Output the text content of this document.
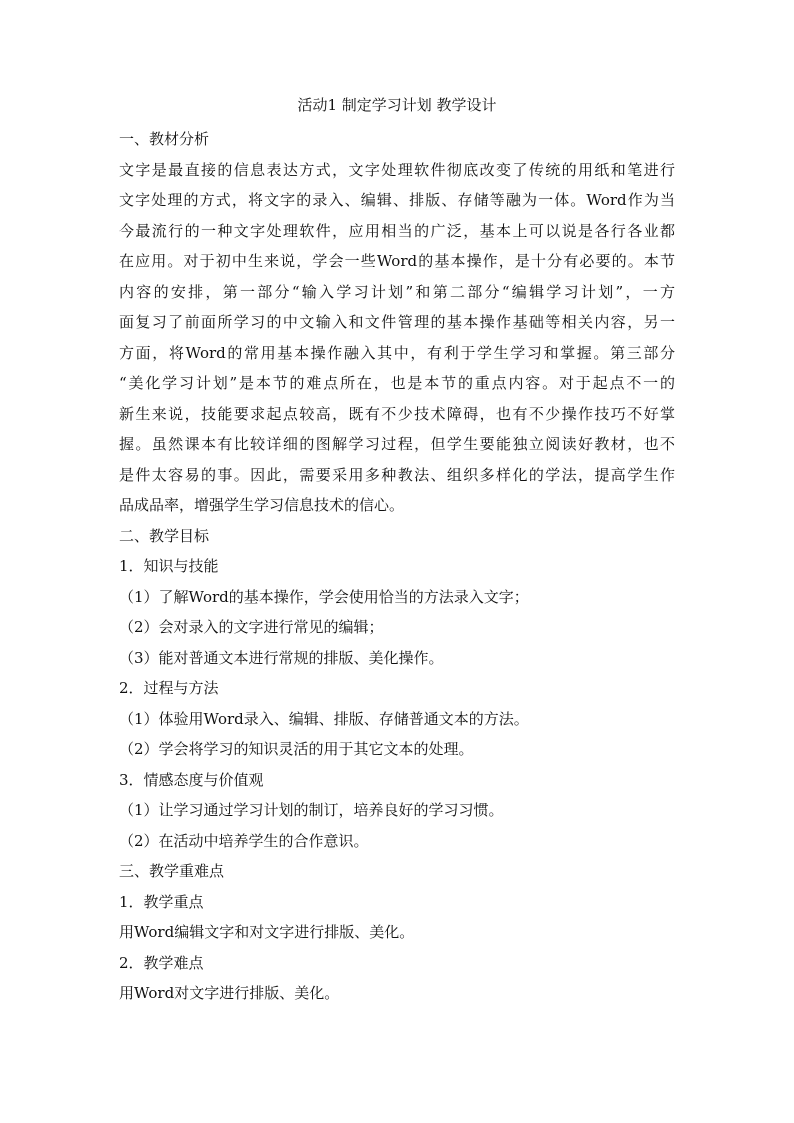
活动1 制定学习计划 教学设计
一、教材分析
文字是最直接的信息表达方式，文字处理软件彻底改变了传统的用纸和笔进行
文字处理的方式，将文字的录入、编辑、排版、存储等融为一体。Word作为当
今最流行的一种文字处理软件，应用相当的广泛，基本上可以说是各行各业都
在应用。对于初中生来说，学会一些Word的基本操作，是十分有必要的。本节
内容的安排，第一部分“输入学习计划”和第二部分“编辑学习计划”，一方
面复习了前面所学习的中文输入和文件管理的基本操作基础等相关内容，另一
方面，将Word的常用基本操作融入其中，有利于学生学习和掌握。第三部分
“美化学习计划”是本节的难点所在，也是本节的重点内容。对于起点不一的
新生来说，技能要求起点较高，既有不少技术障碍，也有不少操作技巧不好掌
握。虽然课本有比较详细的图解学习过程，但学生要能独立阅读好教材，也不
是件太容易的事。因此，需要采用多种教法、组织多样化的学法，提高学生作
品成品率，增强学生学习信息技术的信心。
二、教学目标
1．知识与技能
（1）了解Word的基本操作，学会使用恰当的方法录入文字；
（2）会对录入的文字进行常见的编辑；
（3）能对普通文本进行常规的排版、美化操作。
2．过程与方法
（1）体验用Word录入、编辑、排版、存储普通文本的方法。
（2）学会将学习的知识灵活的用于其它文本的处理。
3．情感态度与价值观
（1）让学习通过学习计划的制订，培养良好的学习习惯。
（2）在活动中培养学生的合作意识。
三、教学重难点
1．教学重点
用Word编辑文字和对文字进行排版、美化。
2．教学难点
用Word对文字进行排版、美化。
